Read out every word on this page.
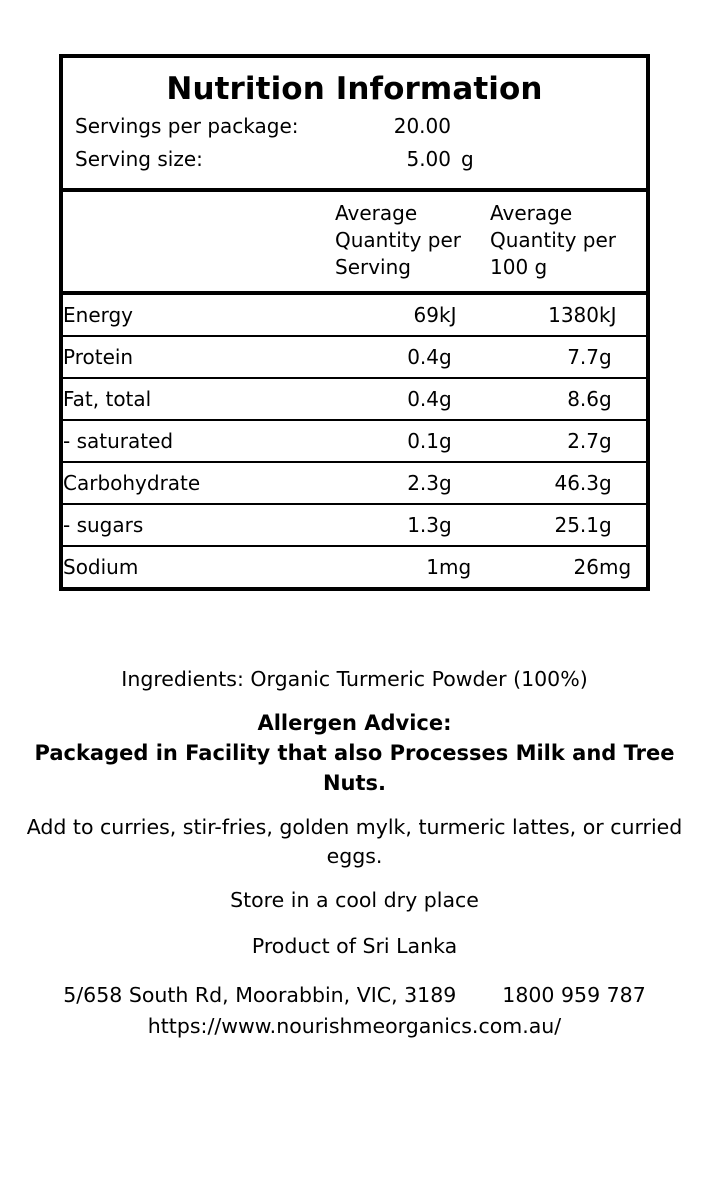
Nutrition Information
Servings per package:	20.00
Serving size:	5.00 g
Average Quantity per Serving
Average Quantity per 100 g
Energy	69	kJ	1380	kJ
Protein	0.4	g	7.7	g
Fat, total	0.4	g	8.6	g
- saturated	0.1	g	2.7	g
Carbohydrate	2.3	g	46.3	g
- sugars	1.3	g	25.1	g
Sodium	1	mg	26	mg

Ingredients: Organic Turmeric Powder (100%)

Allergen Advice:

Packaged in Facility that also Processes Milk and Tree Nuts.

Add to curries, stir-fries, golden mylk, turmeric lattes, or curried eggs.

Store in a cool dry place

Product of Sri Lanka

5/658 South Rd, Moorabbin, VIC, 3189 1800 959 787
https://www.nourishmeorganics.com.au/
